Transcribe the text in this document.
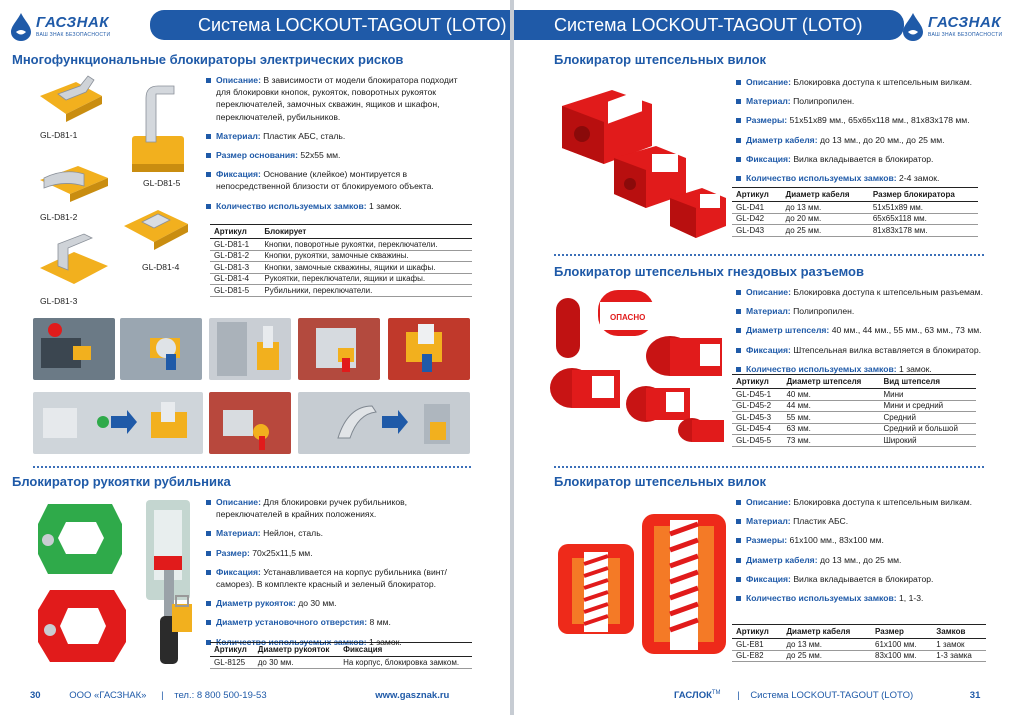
ГАСЗНАК
ВАШ ЗНАК БЕЗОПАСНОСТИ	Система LOCKOUT-TAGOUT (LOTO)
Многофункциональные блокираторы электрических рисков
GL-D81-1
GL-D81-5
GL-D81-2
GL-D81-4
GL-D81-3
Описание: В зависимости от модели блокиратора подходит для блокировки кнопок, рукояток, поворотных рукояток переключателей, замочных скважин, ящиков и шкафон, переключателей, рубильников.
Материал: Пластик АБС, сталь.
Размер основания: 52x55 мм.
Фиксация: Основание (клейкое) монтируется в непосредственной близости от блокируемого объекта.
Количество используемых замков: 1 замок.
Артикул	Блокирует
GL-D81-1	Кнопки, поворотные рукоятки, переключатели.
GL-D81-2	Кнопки, рукоятки, замочные скважины.
GL-D81-3	Кнопки, замочные скважины, ящики и шкафы.
GL-D81-4	Рукоятки, переключатели, ящики и шкафы.
GL-D81-5	Рубильники, переключатели.
Блокиратор рукоятки рубильника
Описание: Для блокировки ручек рубильников, переключателей в крайних положениях.
Материал: Нейлон, сталь.
Размер: 70x25x11,5 мм.
Фиксация: Устанавливается на корпус рубильника (винт/саморез). В комплекте красный и зеленый блокиратор.
Диаметр рукояток: до 30 мм.
Диаметр установочного отверстия: 8 мм.
Количество используемых замков: 1 замок.
Артикул	Диаметр рукояток	Фиксация
GL-8125	до 30 мм.	На корпус, блокировка замком.
30	ООО «ГАСЗНАК» | тел.: 8 800 500-19-53	www.gasznak.ru
Система LOCKOUT-TAGOUT (LOTO)	ГАСЗНАК
ВАШ ЗНАК БЕЗОПАСНОСТИ
Блокиратор штепсельных вилок
Описание: Блокировка доступа к штепсельным вилкам.
Материал: Полипропилен.
Размеры: 51x51x89 мм., 65x65x118 мм., 81x83x178 мм.
Диаметр кабеля: до 13 мм., до 20 мм., до 25 мм.
Фиксация: Вилка вкладывается в блокиратор.
Количество используемых замков: 2-4 замок.
Артикул	Диаметр кабеля	Размер блокиратора
GL-D41	до 13 мм.	51x51x89 мм.
GL-D42	до 20 мм.	65x65x118 мм.
GL-D43	до 25 мм.	81x83x178 мм.
Блокиратор штепсельных гнездовых разъемов
ОПАСНО
Описание: Блокировка доступа к штепсельным разъемам.
Материал: Полипропилен.
Диаметр штепселя: 40 мм., 44 мм., 55 мм., 63 мм., 73 мм.
Фиксация: Штепсельная вилка вставляется в блокиратор.
Количество используемых замков: 1 замок.
Артикул	Диаметр штепселя	Вид штепселя
GL-D45-1	40 мм.	Мини
GL-D45-2	44 мм.	Мини и средний
GL-D45-3	55 мм.	Средний
GL-D45-4	63 мм.	Средний и большой
GL-D45-5	73 мм.	Широкий
Блокиратор штепсельных вилок
Описание: Блокировка доступа к штепсельным вилкам.
Материал: Пластик АБС.
Размеры: 61x100 мм., 83x100 мм.
Диаметр кабеля: до 13 мм., до 25 мм.
Фиксация: Вилка вкладывается в блокиратор.
Количество используемых замков: 1, 1-3.
Артикул	Диаметр кабеля	Размер	Замков
GL-E81	до 13 мм.	61x100 мм.	1 замок
GL-E82	до 25 мм.	83x100 мм.	1-3 замка
ГАСЛОК™ | Система LOCKOUT-TAGOUT (LOTO)	31
